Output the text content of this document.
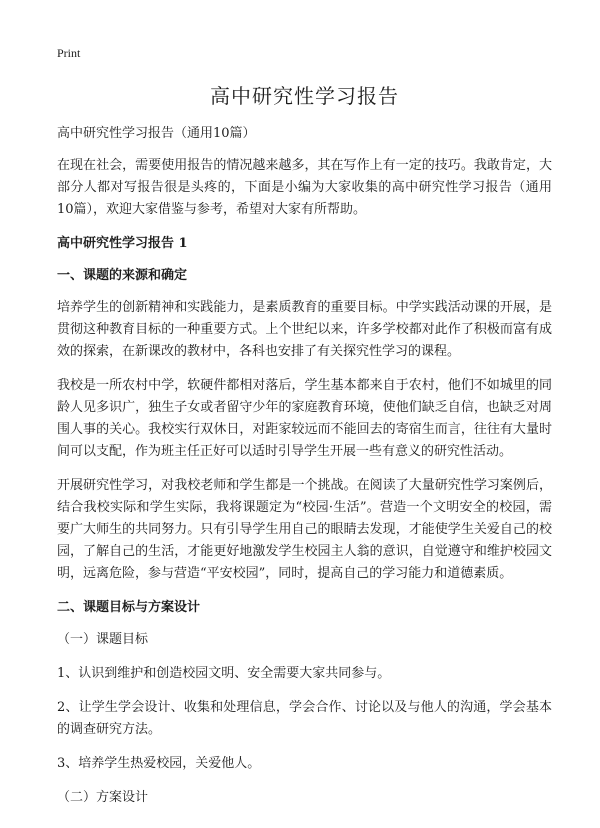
Print
高中研究性学习报告

高中研究性学习报告（通用10篇）

在现在社会，需要使用报告的情况越来越多，其在写作上有一定的技巧。我敢肯定，大部分人都对写报告很是头疼的，下面是小编为大家收集的高中研究性学习报告（通用10篇），欢迎大家借鉴与参考，希望对大家有所帮助。

高中研究性学习报告 1
一、课题的来源和确定

培养学生的创新精神和实践能力，是素质教育的重要目标。中学实践活动课的开展，是贯彻这种教育目标的一种重要方式。上个世纪以来，许多学校都对此作了积极而富有成效的探索，在新课改的教材中，各科也安排了有关探究性学习的课程。

我校是一所农村中学，软硬件都相对落后，学生基本都来自于农村，他们不如城里的同龄人见多识广，独生子女或者留守少年的家庭教育环境，使他们缺乏自信，也缺乏对周围人事的关心。我校实行双休日，对距家较远而不能回去的寄宿生而言，往往有大量时间可以支配，作为班主任正好可以适时引导学生开展一些有意义的研究性活动。

开展研究性学习，对我校老师和学生都是一个挑战。在阅读了大量研究性学习案例后，结合我校实际和学生实际，我将课题定为“校园·生活”。营造一个文明安全的校园，需要广大师生的共同努力。只有引导学生用自己的眼睛去发现，才能使学生关爱自己的校园，了解自己的生活，才能更好地激发学生校园主人翁的意识，自觉遵守和维护校园文明，远离危险，参与营造“平安校园”，同时，提高自己的学习能力和道德素质。

二、课题目标与方案设计
（一）课题目标

1、认识到维护和创造校园文明、安全需要大家共同参与。

2、让学生学会设计、收集和处理信息，学会合作、讨论以及与他人的沟通，学会基本的调查研究方法。

3、培养学生热爱校园，关爱他人。

（二）方案设计
